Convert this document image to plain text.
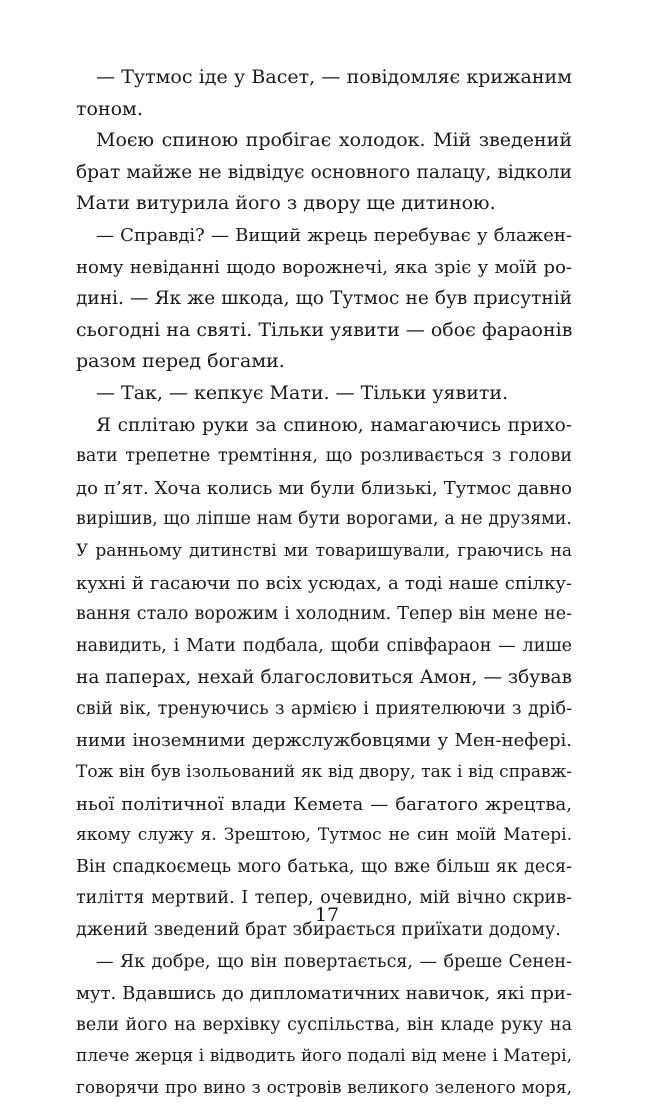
— Тутмос іде у Васет, — повідомляє крижаним
тоном.
Моєю спиною пробігає холодок. Мій зведений
брат майже не відвідує основного палацу, відколи
Мати витурила його з двору ще дитиною.
— Справді? — Вищий жрець перебуває у блажен-
ному невіданні щодо ворожнечі, яка зріє у моїй ро-
дині. — Як же шкода, що Тутмос не був присутній
сьогодні на святі. Тільки уявити — обоє фараонів
разом перед богами.
— Так, — кепкує Мати. — Тільки уявити.
Я сплітаю руки за спиною, намагаючись прихо-
вати трепетне тремтіння, що розливається з голови
до п’ят. Хоча колись ми були близькі, Тутмос давно
вирішив, що ліпше нам бути ворогами, а не друзями.
У ранньому дитинстві ми товаришували, граючись на
кухні й гасаючи по всіх усюдах, а тоді наше спілку-
вання стало ворожим і холодним. Тепер він мене не-
навидить, і Мати подбала, щоби співфараон — лише
на паперах, нехай благословиться Амон, — збував
свій вік, тренуючись з армією і приятелюючи з дріб-
ними іноземними держслужбовцями у Мен-нефері.
Тож він був ізольований як від двору, так і від справж-
ньої політичної влади Кемета — багатого жрецтва,
якому служу я. Зрештою, Тутмос не син моїй Матері.
Він спадкоємець мого батька, що вже більш як деся-
тиліття мертвий. І тепер, очевидно, мій вічно скрив-
джений зведений брат збирається приїхати додому.
— Як добре, що він повертається, — бреше Сенен-
мут. Вдавшись до дипломатичних навичок, які при-
вели його на верхівку суспільства, він кладе руку на
плече жерця і відводить його подалі від мене і Матері,
говорячи про вино з островів великого зеленого моря,
17
